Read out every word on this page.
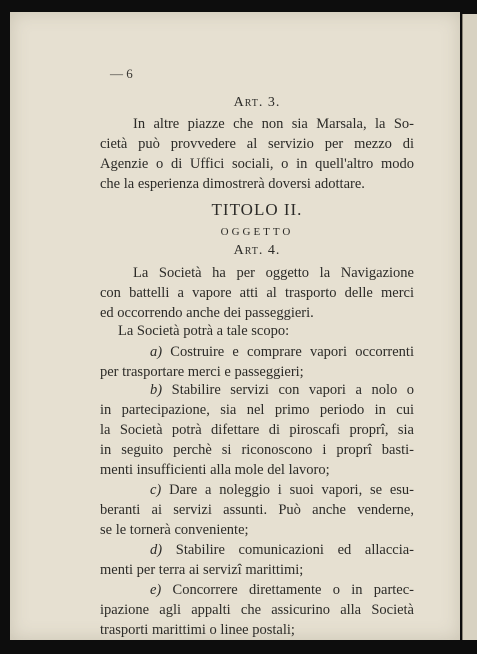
— 6
Art. 3.
In altre piazze che non sia Marsala, la So-
cietà può provvedere al servizio per mezzo di
Agenzie o di Uffici sociali, o in quell'altro modo
che la esperienza dimostrerà doversi adottare.
TITOLO II.
OGGETTO
Art. 4.
La Società ha per oggetto la Navigazione
con battelli a vapore atti al trasporto delle merci
ed occorrendo anche dei passeggieri.
La Società potrà a tale scopo:
a) Costruire e comprare vapori occorrenti
per trasportare merci e passeggieri;
b) Stabilire servizi con vapori a nolo o
in partecipazione, sia nel primo periodo in cui
la Società potrà difettare di piroscafi proprî, sia
in seguito perchè si riconoscono i proprî basti-
menti insufficienti alla mole del lavoro;
c) Dare a noleggio i suoi vapori, se esu-
beranti ai servizi assunti. Può anche venderne,
se le tornerà conveniente;
d) Stabilire comunicazioni ed allaccia-
menti per terra ai servizî marittimi;
e) Concorrere direttamente o in partec-
ipazione agli appalti che assicurino alla Società
trasporti marittimi o linee postali;
